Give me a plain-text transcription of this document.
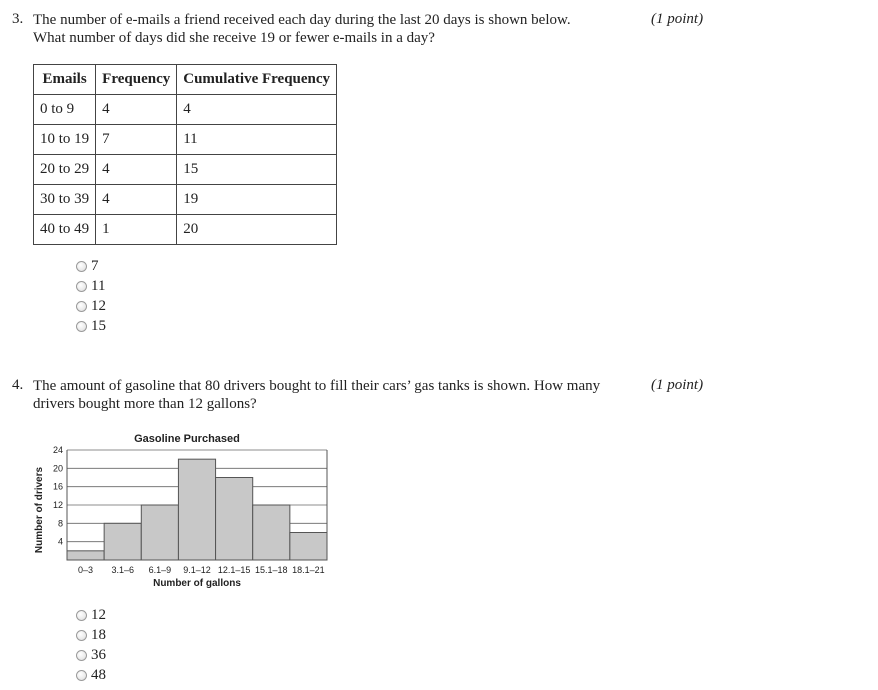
3. The number of e-mails a friend received each day during the last 20 days is shown below.
What number of days did she receive 19 or fewer e-mails in a day?
(1 point)
Emails	Frequency	Cumulative Frequency
0 to 9	4	4
10 to 19	7	11
20 to 29	4	15
30 to 39	4	19
40 to 49	1	20
7
11
12
15
4. The amount of gasoline that 80 drivers bought to fill their cars’ gas tanks is shown. How many
drivers bought more than 12 gallons?
(1 point)
Gasoline Purchased
Number of drivers
Number of gallons
4
8
12
16
20
24
0–3 3.1–6 6.1–9 9.1–12 12.1–15 15.1–18 18.1–21
12
18
36
48
